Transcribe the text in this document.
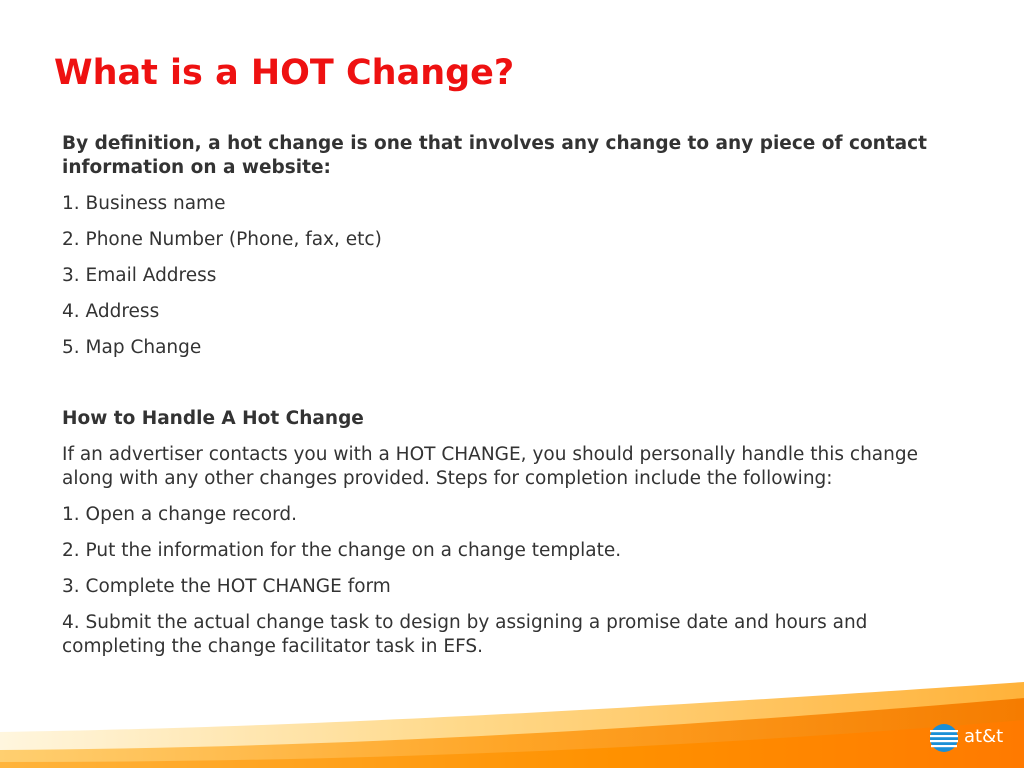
What is a HOT Change?

By definition, a hot change is one that involves any change to any piece of contact information on a website:

1. Business name

2. Phone Number (Phone, fax, etc)

3. Email Address

4. Address

5. Map Change

How to Handle A Hot Change

If an advertiser contacts you with a HOT CHANGE, you should personally handle this change along with any other changes provided. Steps for completion include the following:

1. Open a change record.

2. Put the information for the change on a change template.

3. Complete the HOT CHANGE form

4. Submit the actual change task to design by assigning a promise date and hours and completing the change facilitator task in EFS.

at&t
